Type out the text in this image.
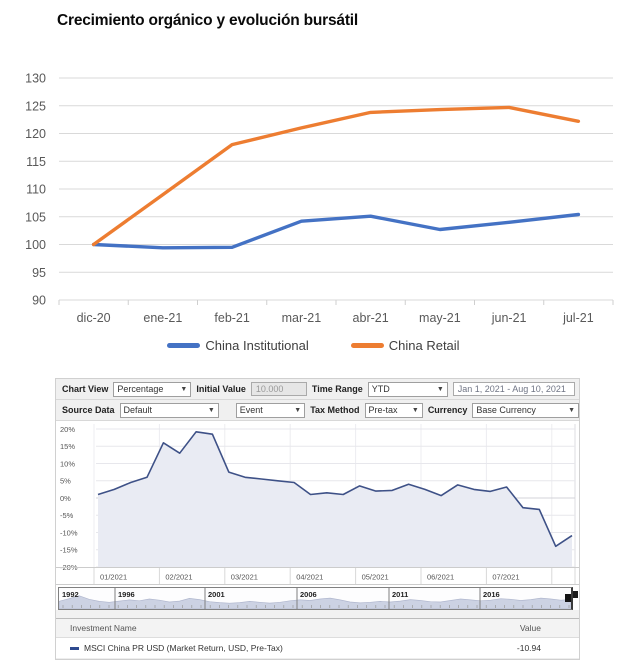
Crecimiento orgánico y evolución bursátil
90
95
100
105
110
115
120
125
130
dic-20	ene-21	feb-21	mar-21	abr-21 may-21 jun-21	jul-21
China Institutional	China Retail
Chart View Percentage ▼ Initial Value 10.000	Time Range YTD	▼ Jan 1, 2021 - Aug 10, 2021
Source Data Default	▼	Event	▼ Tax Method Pre-tax ▼ Currency Base Currency	▼
20%
15%
10%
5%
0%
-5%
-10%
-15%
-20%
01/2021	02/2021	03/2021	04/2021	05/2021	06/2021	07/2021
1992	1996	2001	2006	2011	2016
Investment Name	Value
MSCI China PR USD (Market Return, USD, Pre-Tax)	-10.94
